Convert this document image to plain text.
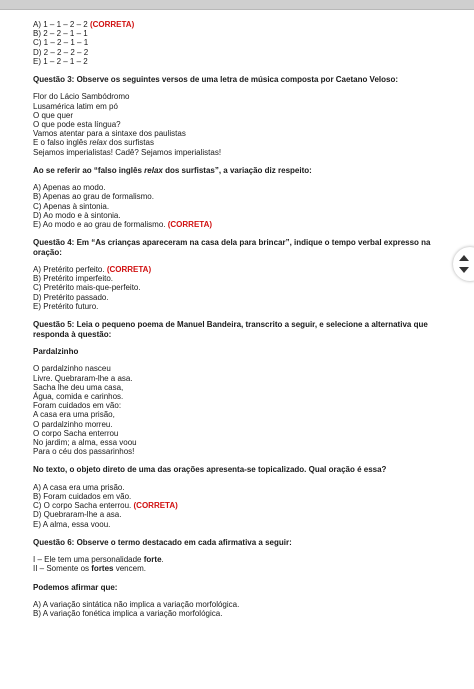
A) 1 – 1 – 2 – 2 (CORRETA)
B) 2 – 2 – 1 – 1
C) 1 – 2 – 1 – 1
D) 2 – 2 – 2 – 2
E) 1 – 2 – 1 – 2
Questão 3: Observe os seguintes versos de uma letra de música composta por Caetano Veloso:
Flor do Lácio Sambódromo
Lusamérica latim em pó
O que quer
O que pode esta língua?
Vamos atentar para a sintaxe dos paulistas
E o falso inglês relax dos surfistas
Sejamos imperialistas! Cadê? Sejamos imperialistas!
Ao se referir ao “falso inglês relax dos surfistas”, a variação diz respeito:
A) Apenas ao modo.
B) Apenas ao grau de formalismo.
C) Apenas à sintonia.
D) Ao modo e à sintonia.
E) Ao modo e ao grau de formalismo. (CORRETA)
Questão 4: Em “As crianças apareceram na casa dela para brincar”, indique o tempo verbal expresso na oração:
A) Pretérito perfeito. (CORRETA)
B) Pretérito imperfeito.
C) Pretérito mais-que-perfeito.
D) Pretérito passado.
E) Pretérito futuro.
Questão 5: Leia o pequeno poema de Manuel Bandeira, transcrito a seguir, e selecione a alternativa que responda à questão:
Pardalzinho
O pardalzinho nasceu
Livre. Quebraram-lhe a asa.
Sacha lhe deu uma casa,
Água, comida e carinhos.
Foram cuidados em vão:
A casa era uma prisão,
O pardalzinho morreu.
O corpo Sacha enterrou
No jardim; a alma, essa voou
Para o céu dos passarinhos!
No texto, o objeto direto de uma das orações apresenta-se topicalizado. Qual oração é essa?
A) A casa era uma prisão.
B) Foram cuidados em vão.
C) O corpo Sacha enterrou. (CORRETA)
D) Quebraram-lhe a asa.
E) A alma, essa voou.
Questão 6: Observe o termo destacado em cada afirmativa a seguir:
I – Ele tem uma personalidade forte.
II – Somente os fortes vencem.
Podemos afirmar que:
A) A variação sintática não implica a variação morfológica.
B) A variação fonética implica a variação morfológica.
